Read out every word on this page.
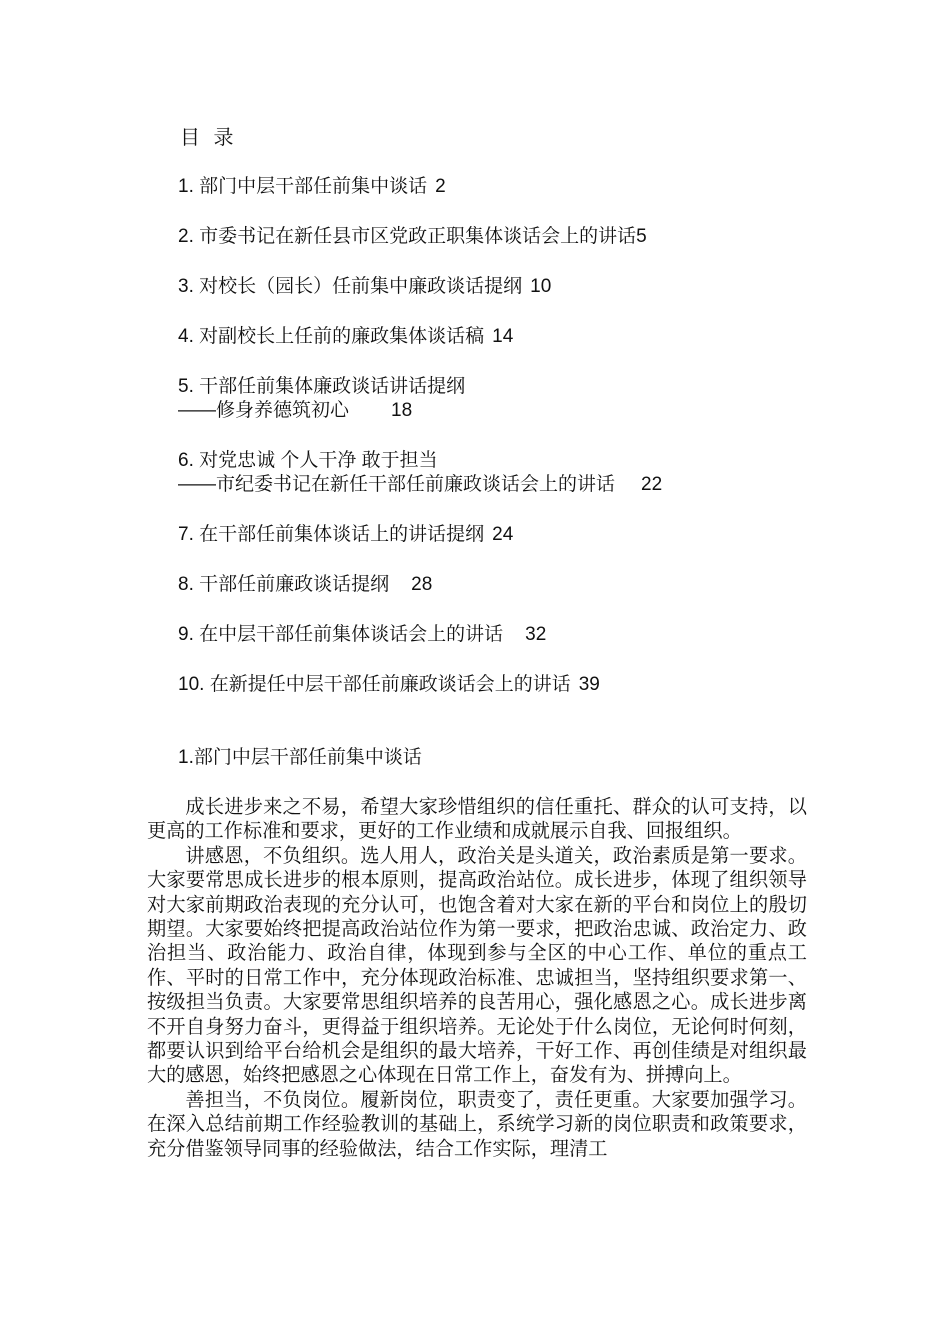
目 录
1. 部门中层干部任前集中谈话 2
2. 市委书记在新任县市区党政正职集体谈话会上的讲话5
3. 对校长（园长）任前集中廉政谈话提纲 10
4. 对副校长上任前的廉政集体谈话稿 14
5. 干部任前集体廉政谈话讲话提纲
——修身养德筑初心 18
6. 对党忠诚 个人干净 敢于担当
——市纪委书记在新任干部任前廉政谈话会上的讲话 22
7. 在干部任前集体谈话上的讲话提纲 24
8. 干部任前廉政谈话提纲 28
9. 在中层干部任前集体谈话会上的讲话 32
10. 在新提任中层干部任前廉政谈话会上的讲话 39
1.部门中层干部任前集中谈话

成长进步来之不易，希望大家珍惜组织的信任重托、群众的认可支持，以更高的工作标准和要求，更好的工作业绩和成就展示自我、回报组织。

讲感恩，不负组织。选人用人，政治关是头道关，政治素质是第一要求。大家要常思成长进步的根本原则，提高政治站位。成长进步，体现了组织领导对大家前期政治表现的充分认可，也饱含着对大家在新的平台和岗位上的殷切期望。大家要始终把提高政治站位作为第一要求，把政治忠诚、政治定力、政治担当、政治能力、政治自律，体现到参与全区的中心工作、单位的重点工作、平时的日常工作中，充分体现政治标准、忠诚担当，坚持组织要求第一、按级担当负责。大家要常思组织培养的良苦用心，强化感恩之心。成长进步离不开自身努力奋斗，更得益于组织培养。无论处于什么岗位，无论何时何刻，都要认识到给平台给机会是组织的最大培养，干好工作、再创佳绩是对组织最大的感恩，始终把感恩之心体现在日常工作上，奋发有为、拼搏向上。

善担当，不负岗位。履新岗位，职责变了，责任更重。大家要加强学习。在深入总结前期工作经验教训的基础上，系统学习新的岗位职责和政策要求，充分借鉴领导同事的经验做法，结合工作实际，理清工
